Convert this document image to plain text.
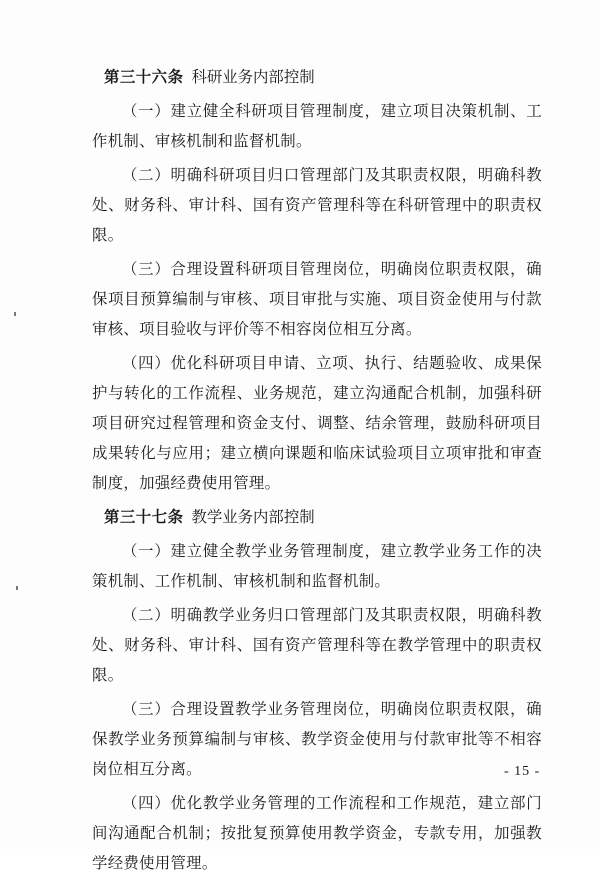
第三十六条 科研业务内部控制

（一）建立健全科研项目管理制度，建立项目决策机制、工作机制、审核机制和监督机制。

（二）明确科研项目归口管理部门及其职责权限，明确科教处、财务科、审计科、国有资产管理科等在科研管理中的职责权限。

（三）合理设置科研项目管理岗位，明确岗位职责权限，确保项目预算编制与审核、项目审批与实施、项目资金使用与付款审核、项目验收与评价等不相容岗位相互分离。

（四）优化科研项目申请、立项、执行、结题验收、成果保护与转化的工作流程、业务规范，建立沟通配合机制，加强科研项目研究过程管理和资金支付、调整、结余管理，鼓励科研项目成果转化与应用；建立横向课题和临床试验项目立项审批和审查制度，加强经费使用管理。

第三十七条 教学业务内部控制

（一）建立健全教学业务管理制度，建立教学业务工作的决策机制、工作机制、审核机制和监督机制。

（二）明确教学业务归口管理部门及其职责权限，明确科教处、财务科、审计科、国有资产管理科等在教学管理中的职责权限。

（三）合理设置教学业务管理岗位，明确岗位职责权限，确保教学业务预算编制与审核、教学资金使用与付款审批等不相容岗位相互分离。

（四）优化教学业务管理的工作流程和工作规范，建立部门间沟通配合机制；按批复预算使用教学资金，专款专用，加强教学经费使用管理。

- 15 -
